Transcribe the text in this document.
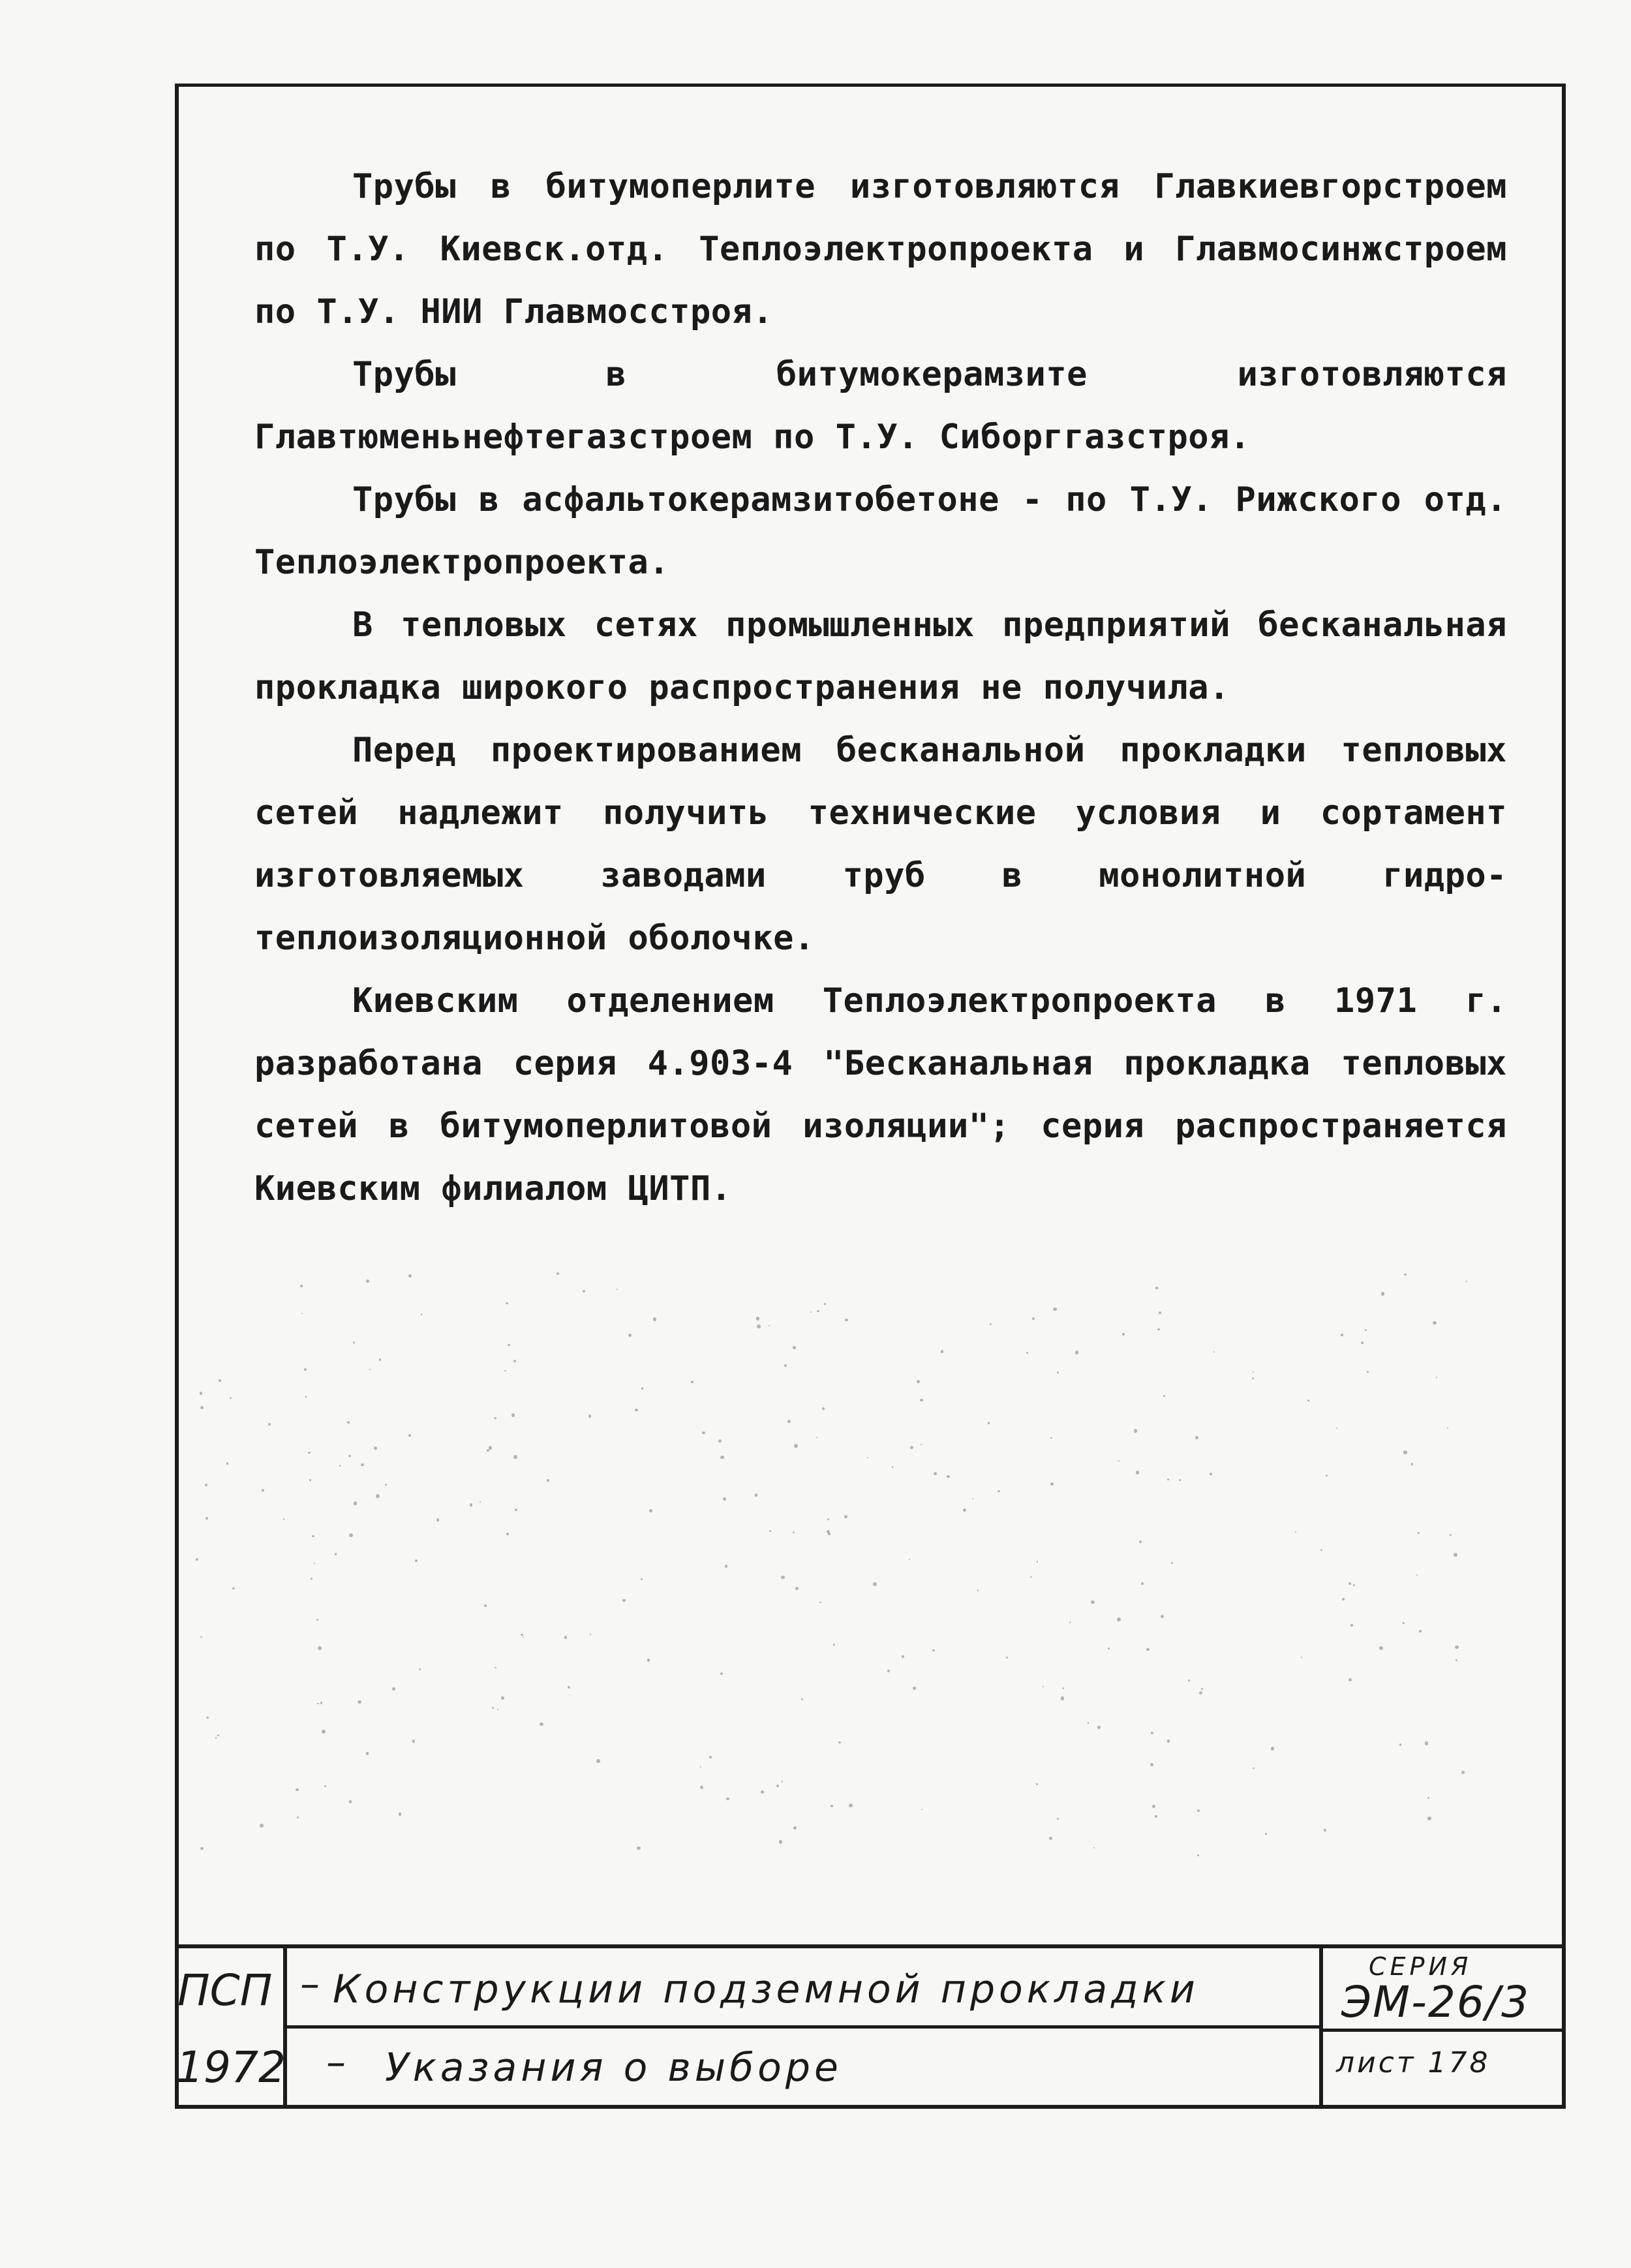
Трубы в битумоперлите изготовляются Главкиевгорстроем по Т.У. Киевск.отд. Теплоэлектропроекта и Главмосинжстроем по Т.У. НИИ Главмосстроя.

Трубы в битумокерамзите изготовляются Главтюменьнефтегазстроем по Т.У. Сиборггазстроя.

Трубы в асфальтокерамзитобетоне - по Т.У. Рижского отд. Теплоэлектропроекта.

В тепловых сетях промышленных предприятий бесканальная прокладка широкого распространения не получила.

Перед проектированием бесканальной прокладки тепловых сетей надлежит получить технические условия и сортамент изготовляемых заводами труб в монолитной гидро-теплоизоляционной оболочке.

Киевским отделением Теплоэлектропроекта в 1971 г. разработана серия 4.903-4 "Бесканальная прокладка тепловых сетей в битумоперлитовой изоляции"; серия распространяется Киевским филиалом ЦИТП.

ПСП
1972
– Конструкции подземной прокладки
– Указания о выборе
СЕРИЯ
ЭМ-26/3
лист 178
